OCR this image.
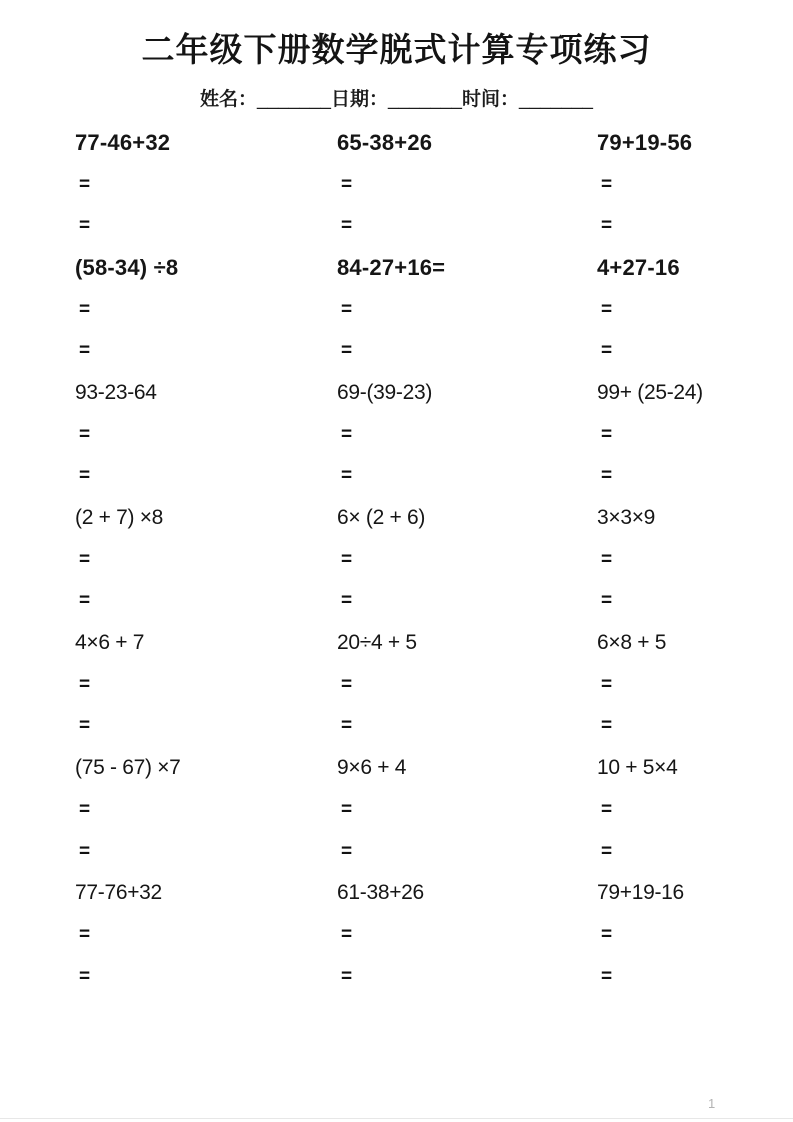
二年级下册数学脱式计算专项练习
姓名：_______日期：_______时间：_______
77-46+32
=
=
65-38+26
=
=
79+19-56
=
=
(58-34) ÷8
=
=
84-27+16=
=
=
4+27-16
=
=
93-23-64
=
=
69-(39-23)
=
=
99+ (25-24)
=
=
(2 + 7) ×8
=
=
6× (2 + 6)
=
=
3×3×9
=
=
4×6 + 7
=
=
20÷4 + 5
=
=
6×8 + 5
=
=
(75 - 67) ×7
=
=
9×6 + 4
=
=
10 + 5×4
=
=
77-76+32
=
=
61-38+26
=
=
79+19-16
=
=
1
